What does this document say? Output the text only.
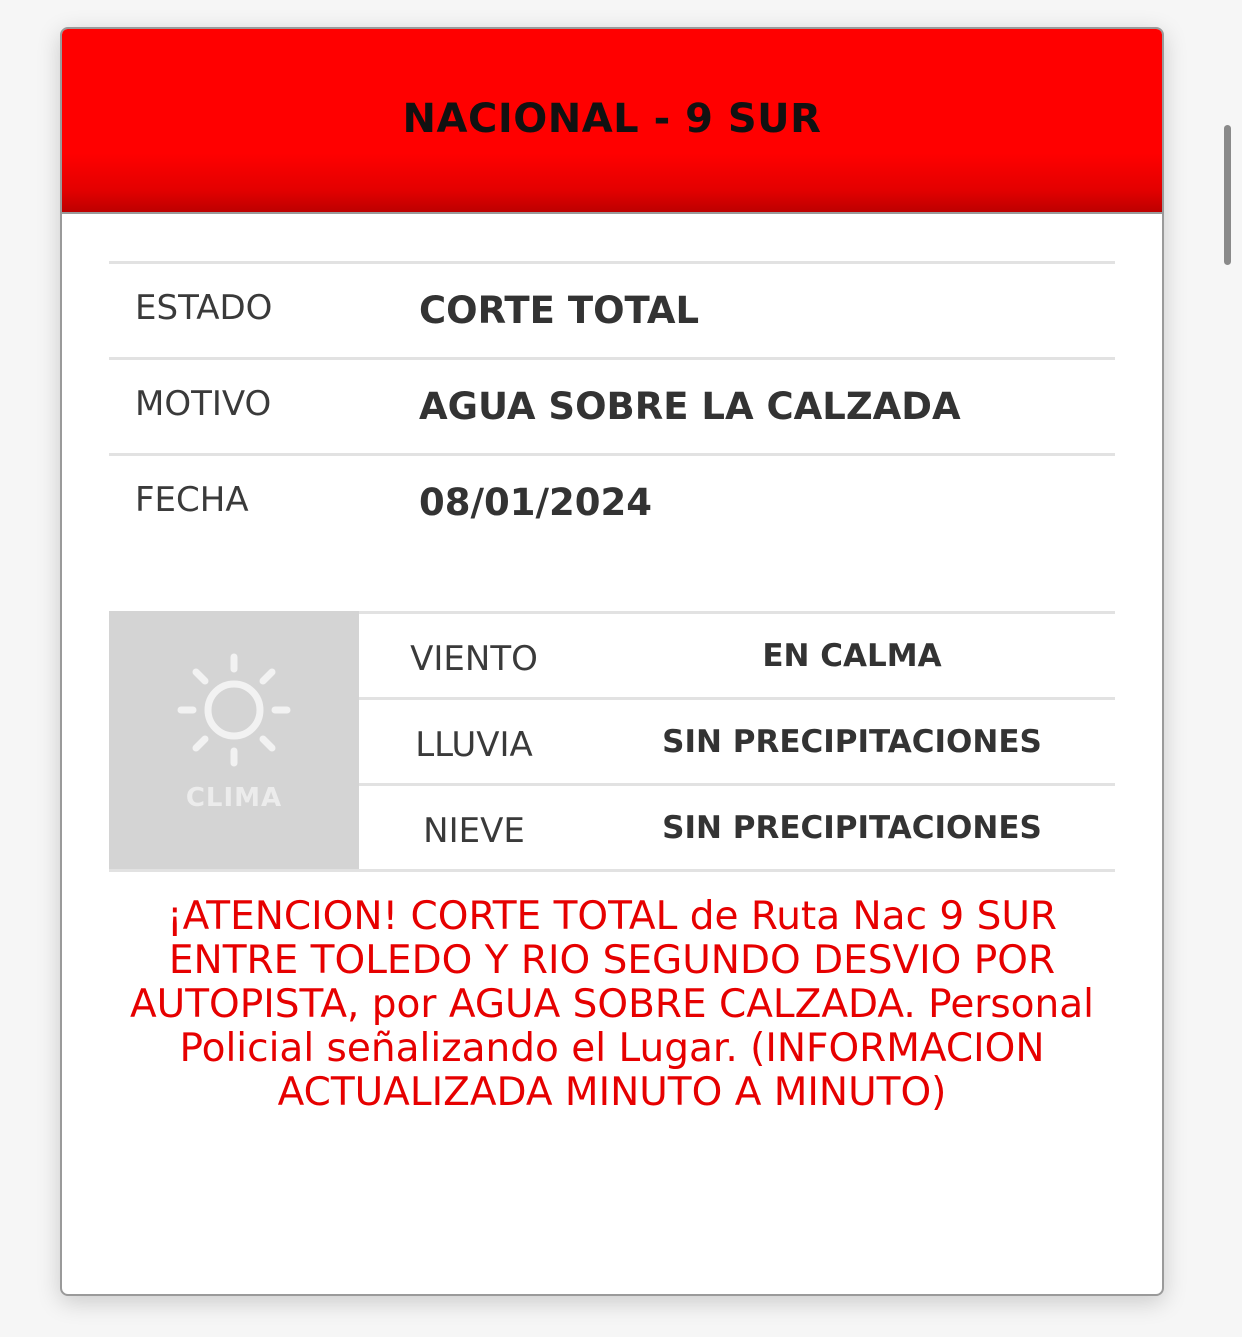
NACIONAL - 9 SUR
ESTADO	CORTE TOTAL
MOTIVO	AGUA SOBRE LA CALZADA
FECHA	08/01/2024
CLIMA
VIENTO	EN CALMA
LLUVIA	SIN PRECIPITACIONES
NIEVE	SIN PRECIPITACIONES

¡ATENCION! CORTE TOTAL de Ruta Nac 9 SUR ENTRE TOLEDO Y RIO SEGUNDO DESVIO POR AUTOPISTA, por AGUA SOBRE CALZADA. Personal Policial señalizando el Lugar. (INFORMACION ACTUALIZADA MINUTO A MINUTO)
